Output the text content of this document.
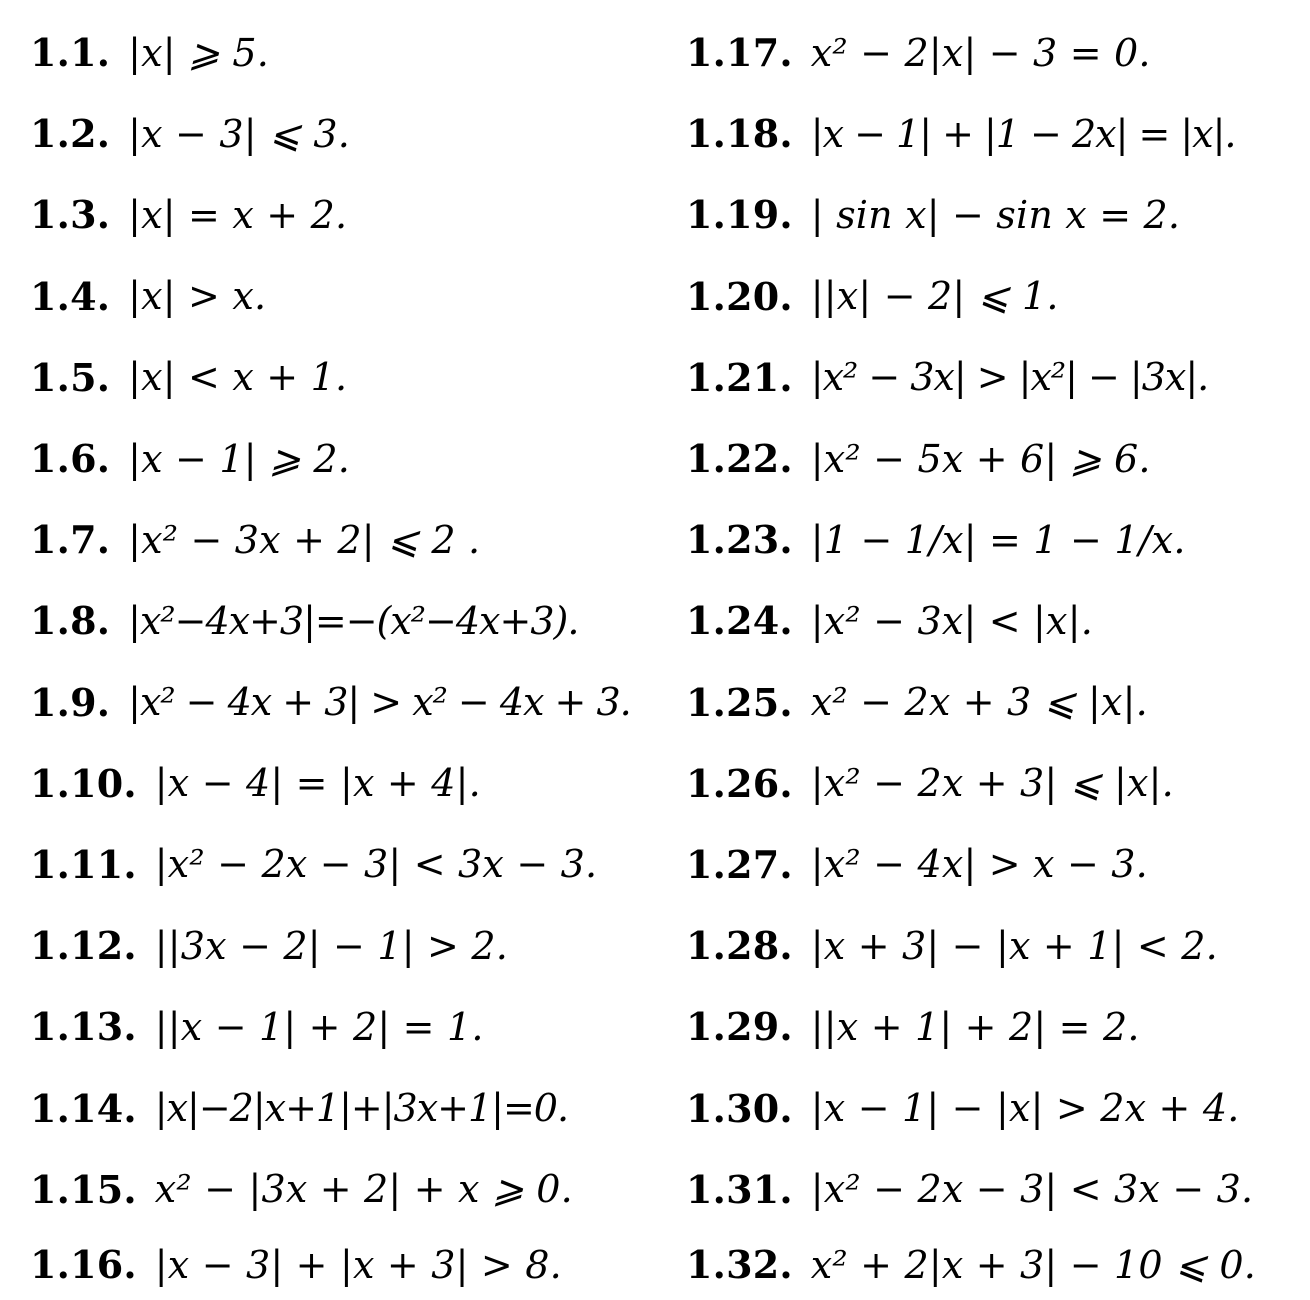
1.1. |x| ⩾ 5.
1.2. |x − 3| ⩽ 3.
1.3. |x| = x + 2.
1.4. |x| > x.
1.5. |x| < x + 1.
1.6. |x − 1| ⩾ 2.
1.7. |x² − 3x + 2| ⩽ 2 .
1.8. |x²−4x+3|=−(x²−4x+3).
1.9. |x² − 4x + 3| > x² − 4x + 3.
1.10. |x − 4| = |x + 4|.
1.11. |x² − 2x − 3| < 3x − 3.
1.12. ||3x − 2| − 1| > 2.
1.13. ||x − 1| + 2| = 1.
1.14. |x|−2|x+1|+|3x+1|=0.
1.15. x² − |3x + 2| + x ⩾ 0.
1.16. |x − 3| + |x + 3| > 8.
1.17. x² − 2|x| − 3 = 0.
1.18. |x − 1| + |1 − 2x| = |x|.
1.19. | sin x| − sin x = 2.
1.20. ||x| − 2| ⩽ 1.
1.21. |x² − 3x| > |x²| − |3x|.
1.22. |x² − 5x + 6| ⩾ 6.
1.23. |1 − 1/x| = 1 − 1/x.
1.24. |x² − 3x| < |x|.
1.25. x² − 2x + 3 ⩽ |x|.
1.26. |x² − 2x + 3| ⩽ |x|.
1.27. |x² − 4x| > x − 3.
1.28. |x + 3| − |x + 1| < 2.
1.29. ||x + 1| + 2| = 2.
1.30. |x − 1| − |x| > 2x + 4.
1.31. |x² − 2x − 3| < 3x − 3.
1.32. x² + 2|x + 3| − 10 ⩽ 0.
